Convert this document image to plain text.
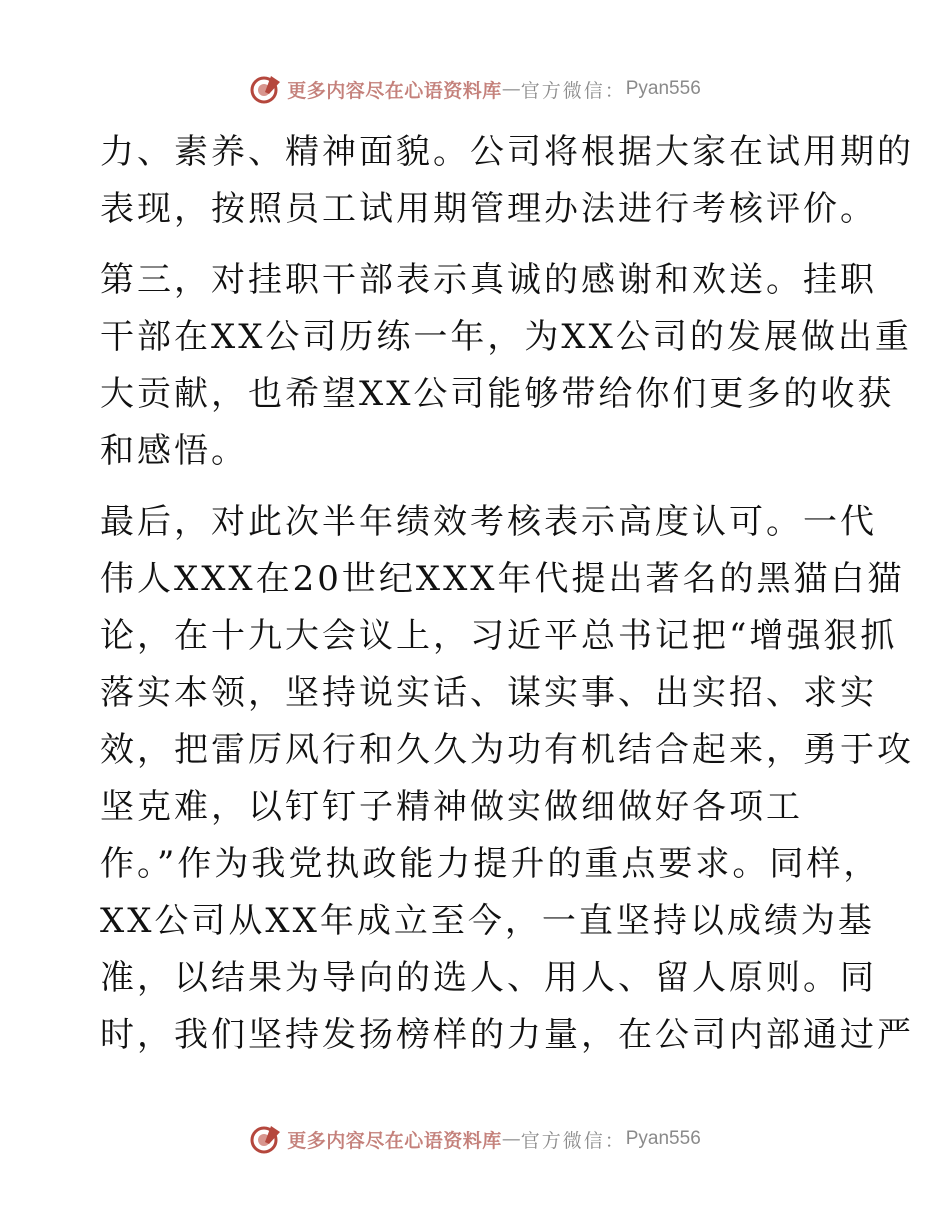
更多内容尽在心语资料库 — 官方微信： Pyan556
力、素养、精神面貌。公司将根据大家在试用期的
表现，按照员工试用期管理办法进行考核评价。
第三，对挂职干部表示真诚的感谢和欢送。挂职
干部在XX公司历练一年，为XX公司的发展做出重
大贡献，也希望XX公司能够带给你们更多的收获
和感悟。
最后，对此次半年绩效考核表示高度认可。一代
伟人XXX在20世纪XXX年代提出著名的黑猫白猫
论，在十九大会议上，习近平总书记把“增强狠抓
落实本领，坚持说实话、谋实事、出实招、求实
效，把雷厉风行和久久为功有机结合起来，勇于攻
坚克难，以钉钉子精神做实做细做好各项工
作。”作为我党执政能力提升的重点要求。同样，
XX公司从XX年成立至今，一直坚持以成绩为基
准，以结果为导向的选人、用人、留人原则。同
时，我们坚持发扬榜样的力量，在公司内部通过严
更多内容尽在心语资料库 — 官方微信： Pyan556
